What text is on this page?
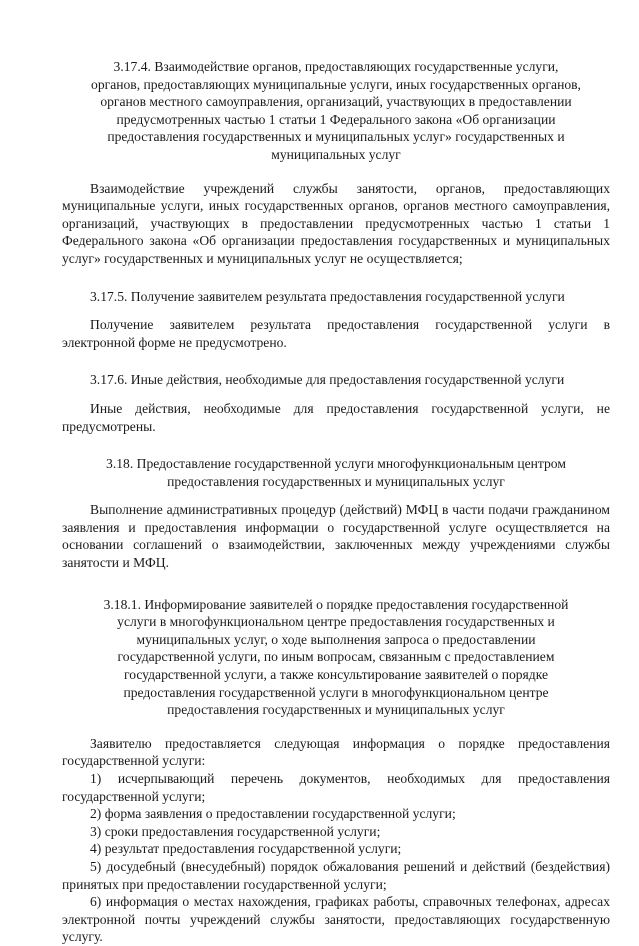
3.17.4. Взаимодействие органов, предоставляющих государственные услуги, органов, предоставляющих муниципальные услуги, иных государственных органов, органов местного самоуправления, организаций, участвующих в предоставлении предусмотренных частью 1 статьи 1 Федерального закона «Об организации предоставления государственных и муниципальных услуг» государственных и муниципальных услуг

Взаимодействие учреждений службы занятости, органов, предоставляющих муниципальные услуги, иных государственных органов, органов местного самоуправления, организаций, участвующих в предоставлении предусмотренных частью 1 статьи 1 Федерального закона «Об организации предоставления государственных и муниципальных услуг» государственных и муниципальных услуг не осуществляется;

3.17.5. Получение заявителем результата предоставления государственной услуги

Получение заявителем результата предоставления государственной услуги в электронной форме не предусмотрено.

3.17.6. Иные действия, необходимые для предоставления государственной услуги

Иные действия, необходимые для предоставления государственной услуги, не предусмотрены.

3.18. Предоставление государственной услуги многофункциональным центром предоставления государственных и муниципальных услуг

Выполнение административных процедур (действий) МФЦ в части подачи гражданином заявления и предоставления информации о государственной услуге осуществляется на основании соглашений о взаимодействии, заключенных между учреждениями службы занятости и МФЦ.

3.18.1. Информирование заявителей о порядке предоставления государственной услуги в многофункциональном центре предоставления государственных и муниципальных услуг, о ходе выполнения запроса о предоставлении государственной услуги, по иным вопросам, связанным с предоставлением государственной услуги, а также консультирование заявителей о порядке предоставления государственной услуги в многофункциональном центре предоставления государственных и муниципальных услуг

Заявителю предоставляется следующая информация о порядке предоставления государственной услуги:

1) исчерпывающий перечень документов, необходимых для предоставления государственной услуги;

2) форма заявления о предоставлении государственной услуги;

3) сроки предоставления государственной услуги;

4) результат предоставления государственной услуги;

5) досудебный (внесудебный) порядок обжалования решений и действий (бездействия) принятых при предоставлении государственной услуги;

6) информация о местах нахождения, графиках работы, справочных телефонах, адресах электронной почты учреждений службы занятости, предоставляющих государственную услугу.
